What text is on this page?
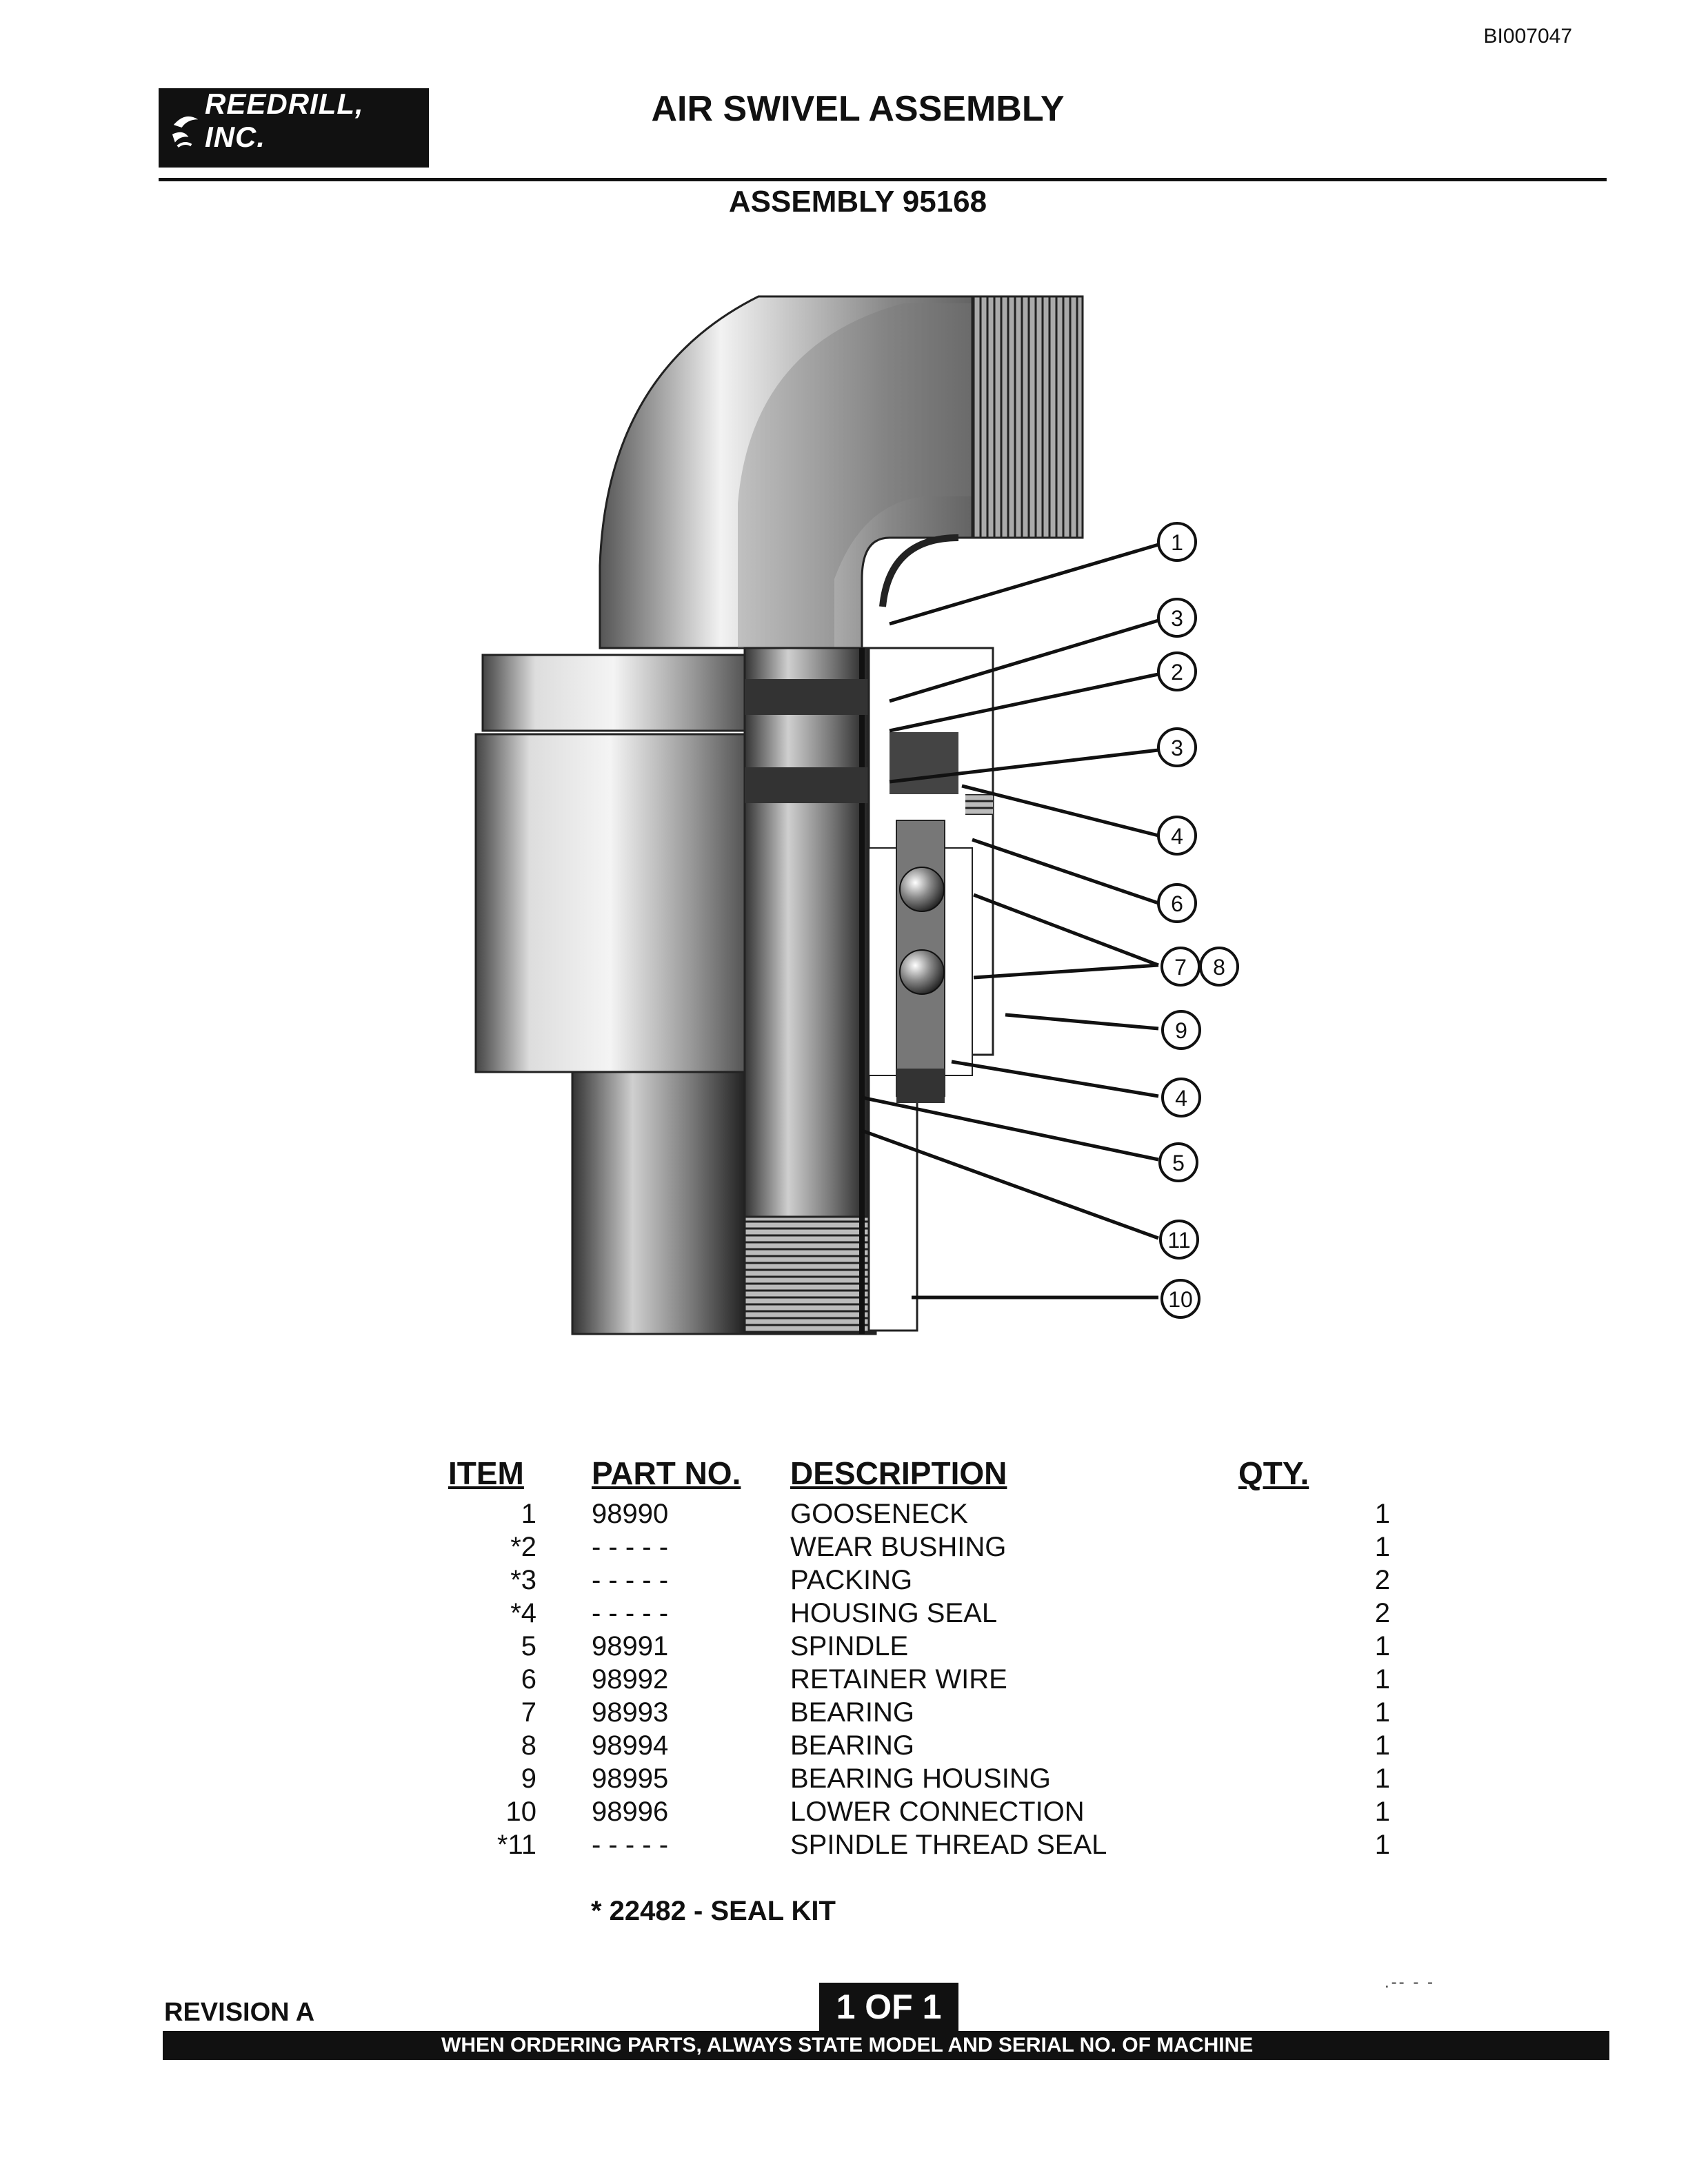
BI007047
REEDRILL, INC.
AIR SWIVEL ASSEMBLY
ASSEMBLY 95168
1
3
2
3
4
6
7 8
9
4
5
11
10
ITEM	PART NO.	DESCRIPTION	QTY.
1	98990	GOOSENECK	1
*2	- - - - -	WEAR BUSHING	1
*3	- - - - -	PACKING	2
*4	- - - - -	HOUSING SEAL	2
5	98991	SPINDLE	1
6	98992	RETAINER WIRE	1
7	98993	BEARING	1
8	98994	BEARING	1
9	98995	BEARING HOUSING	1
10	98996	LOWER CONNECTION	1
*11	- - - - -	SPINDLE THREAD SEAL	1
* 22482 - SEAL KIT
.-- - -
REVISION A	1 OF 1
WHEN ORDERING PARTS, ALWAYS STATE MODEL AND SERIAL NO. OF MACHINE
